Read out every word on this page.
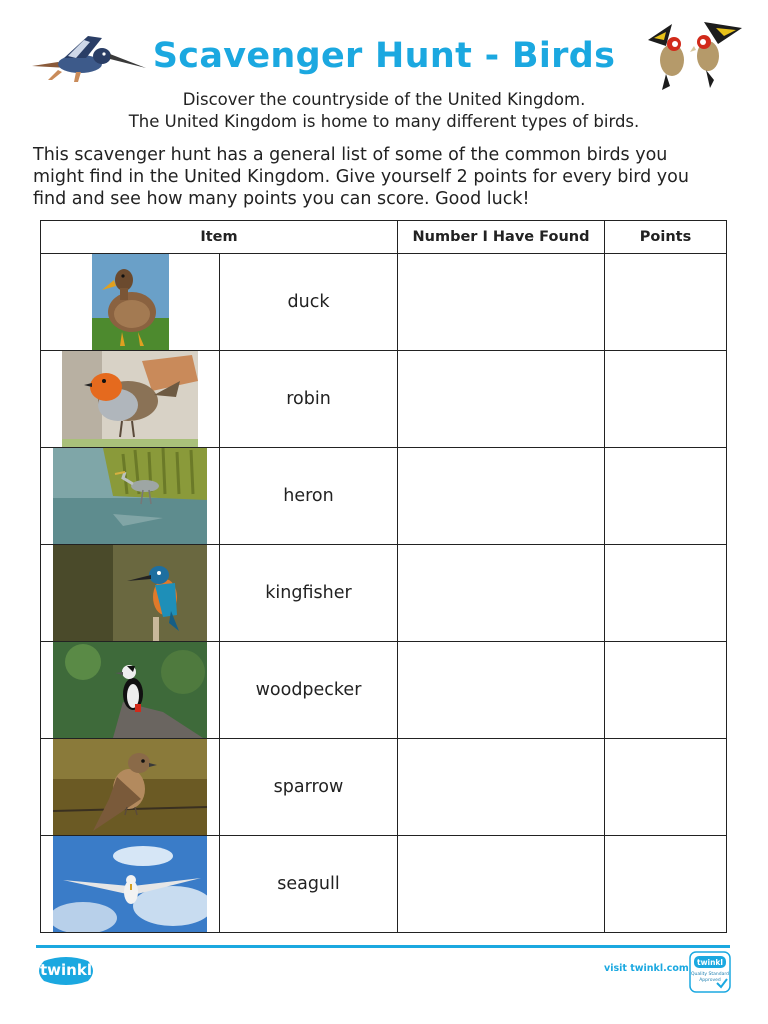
Scavenger Hunt - Birds
Discover the countryside of the United Kingdom.
The United Kingdom is home to many different types of birds.
This scavenger hunt has a general list of some of the common birds you
might find in the United Kingdom. Give yourself 2 points for every bird you
find and see how many points you can score. Good luck!
Item		Number I Have Found	Points

	duck		

	robin		

	heron		

	kingfisher		

	woodpecker		

	sparrow		

	seagull		
twinkl	visit twinkl.com
twinkl
Quality Standard
Approved
